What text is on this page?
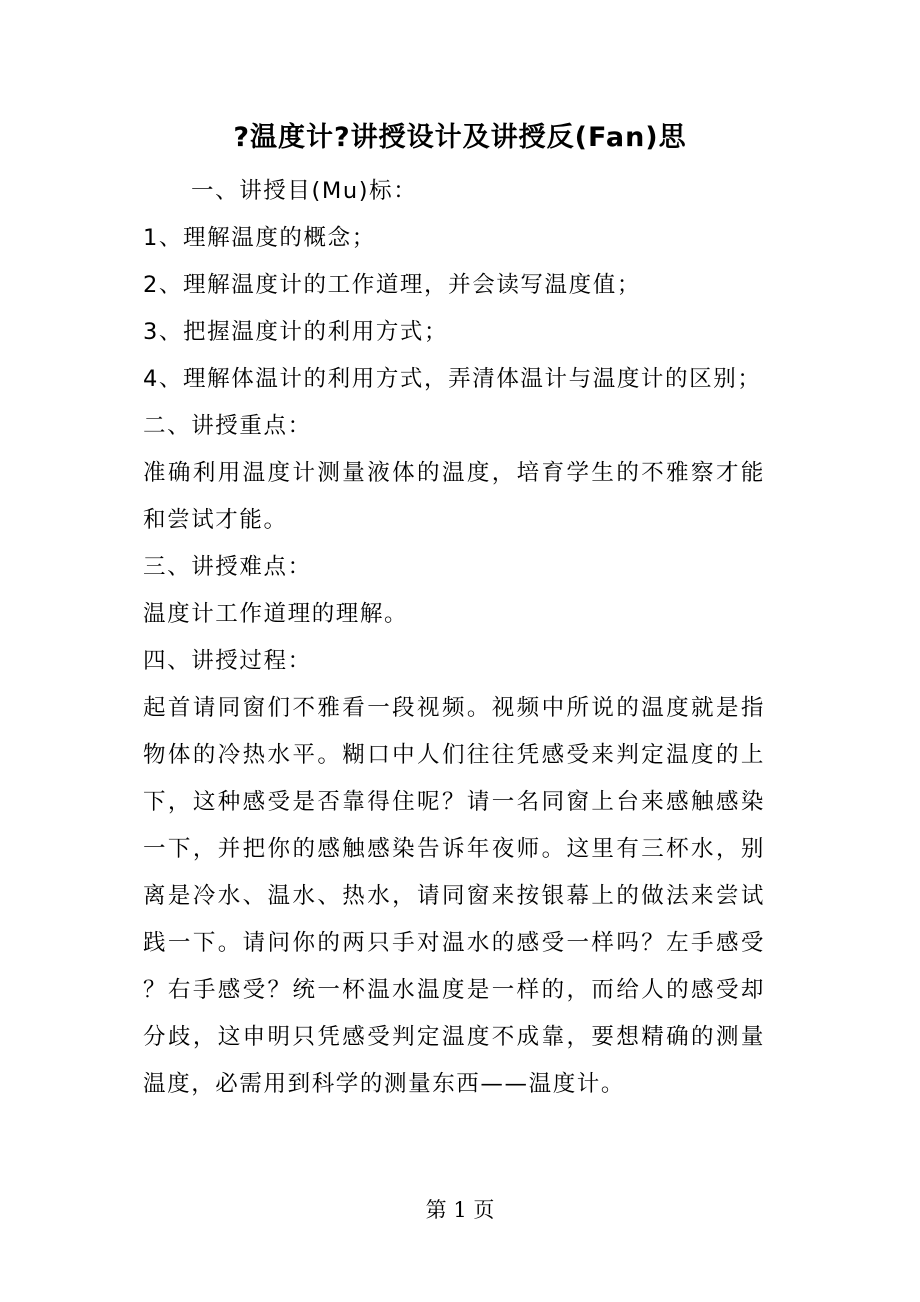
?温度计?讲授设计及讲授反(Fan)思
一、讲授目(Mu)标：
1、理解温度的概念；
2、理解温度计的工作道理，并会读写温度值；
3、把握温度计的利用方式；
4、理解体温计的利用方式，弄清体温计与温度计的区别；
二、讲授重点：
准确利用温度计测量液体的温度，培育学生的不雅察才能
和尝试才能。
三、讲授难点：
温度计工作道理的理解。
四、讲授过程：
起首请同窗们不雅看一段视频。视频中所说的温度就是指
物体的冷热水平。糊口中人们往往凭感受来判定温度的上
下，这种感受是否靠得住呢？请一名同窗上台来感触感染
一下，并把你的感触感染告诉年夜师。这里有三杯水，别
离是冷水、温水、热水，请同窗来按银幕上的做法来尝试
践一下。请问你的两只手对温水的感受一样吗？左手感受
？右手感受？统一杯温水温度是一样的，而给人的感受却
分歧，这申明只凭感受判定温度不成靠，要想精确的测量
温度，必需用到科学的测量东西——温度计。
第 1 页
